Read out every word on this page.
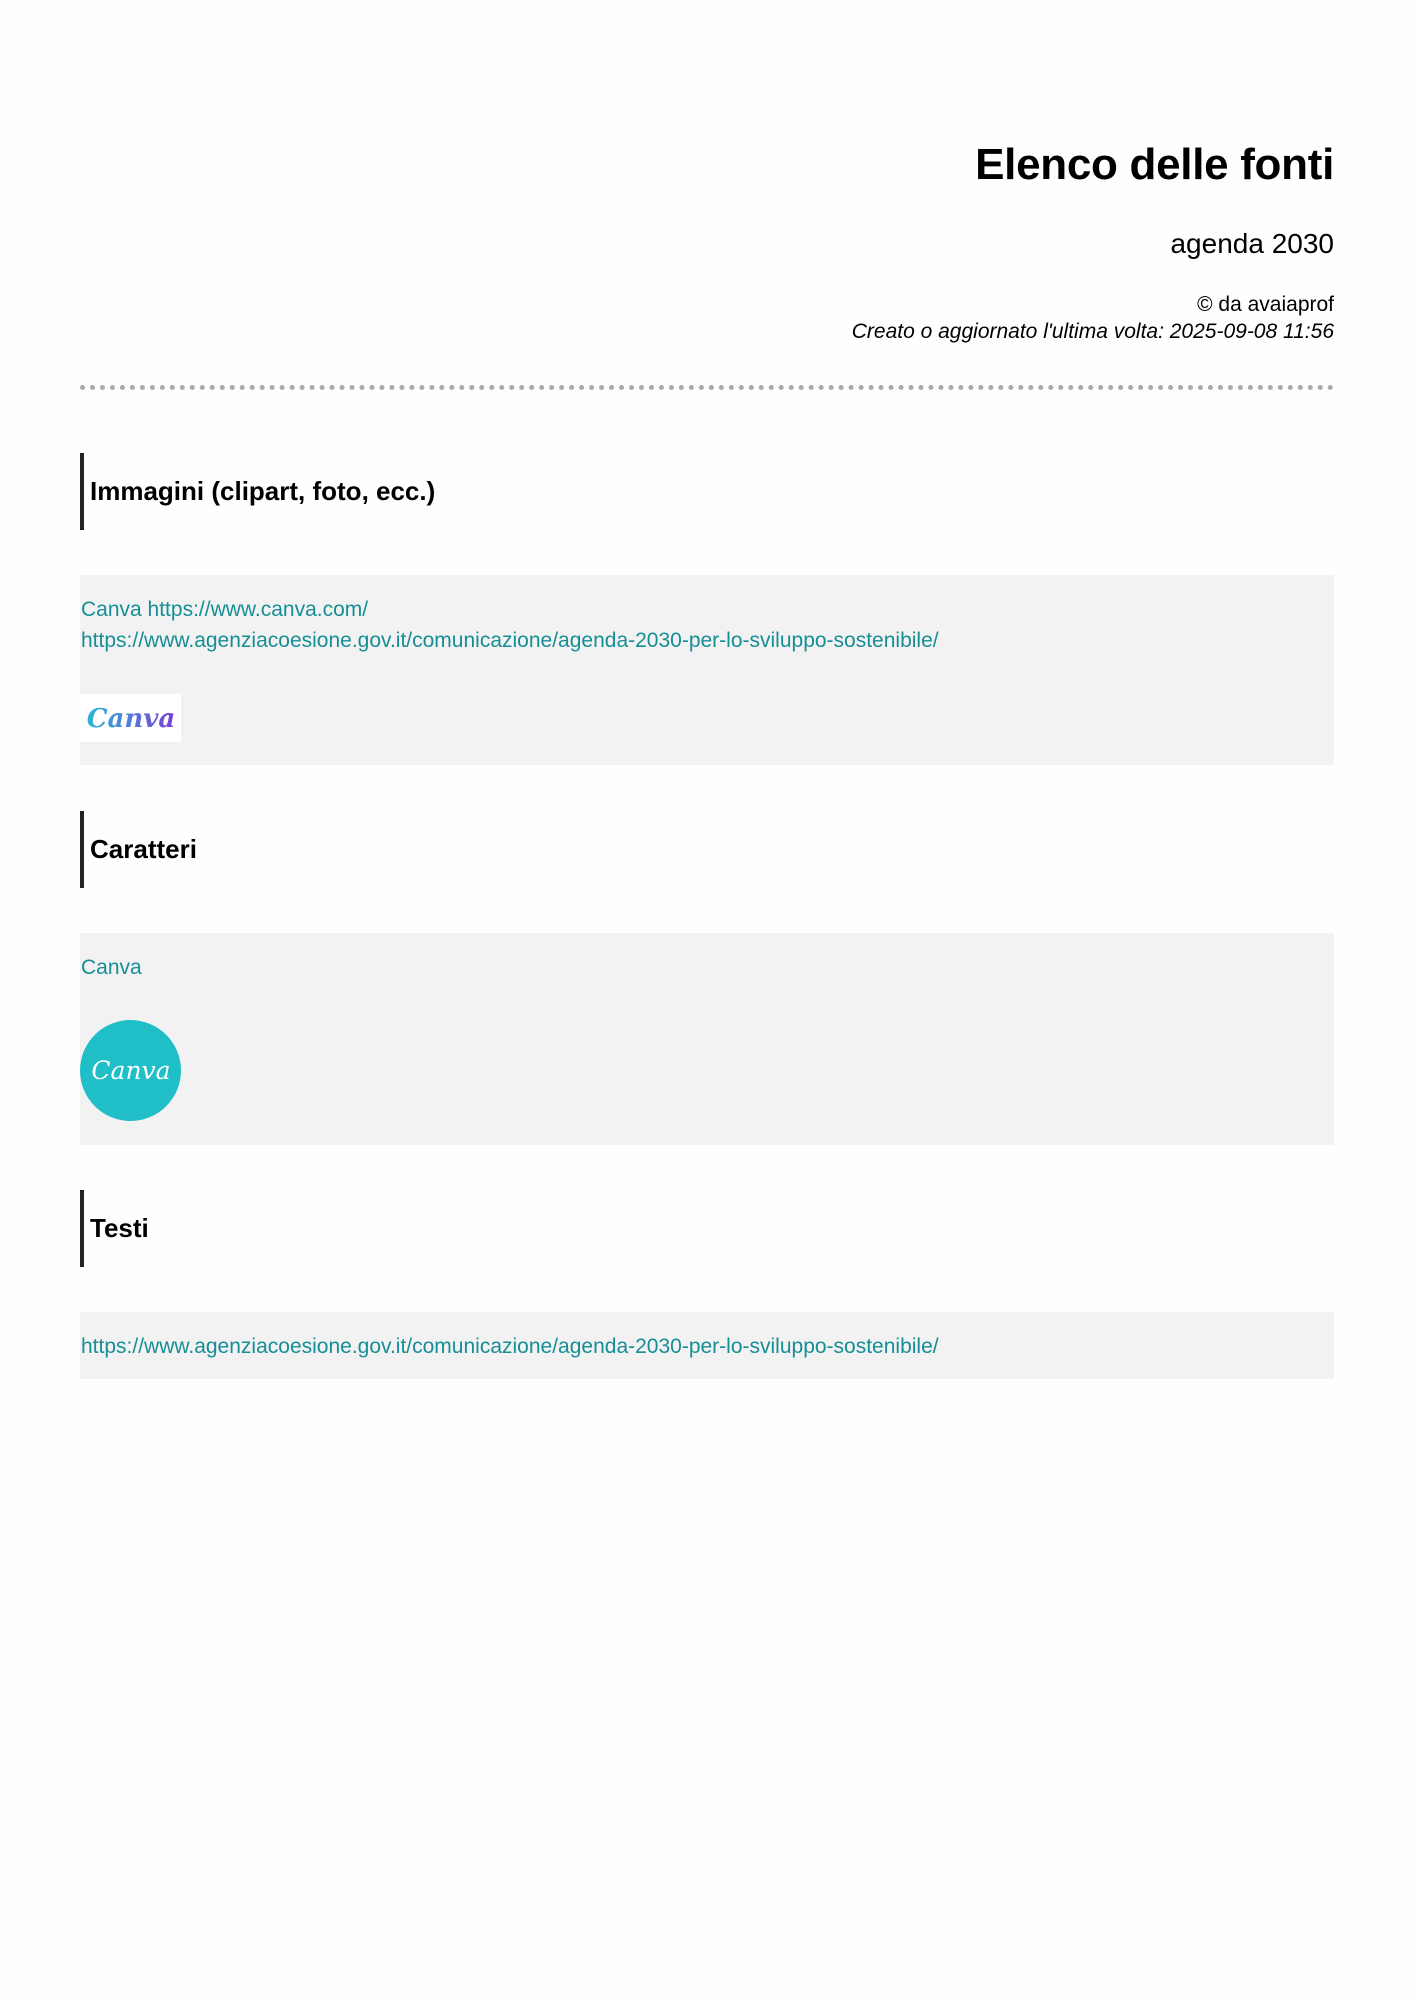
Elenco delle fonti
agenda 2030
© da avaiaprof
Creato o aggiornato l'ultima volta: 2025-09-08 11:56
Immagini (clipart, foto, ecc.)
Canva https://www.canva.com/
https://www.agenziacoesione.gov.it/comunicazione/agenda-2030-per-lo-sviluppo-sostenibile/
Canva
Caratteri
Canva
Canva
Testi
https://www.agenziacoesione.gov.it/comunicazione/agenda-2030-per-lo-sviluppo-sostenibile/
